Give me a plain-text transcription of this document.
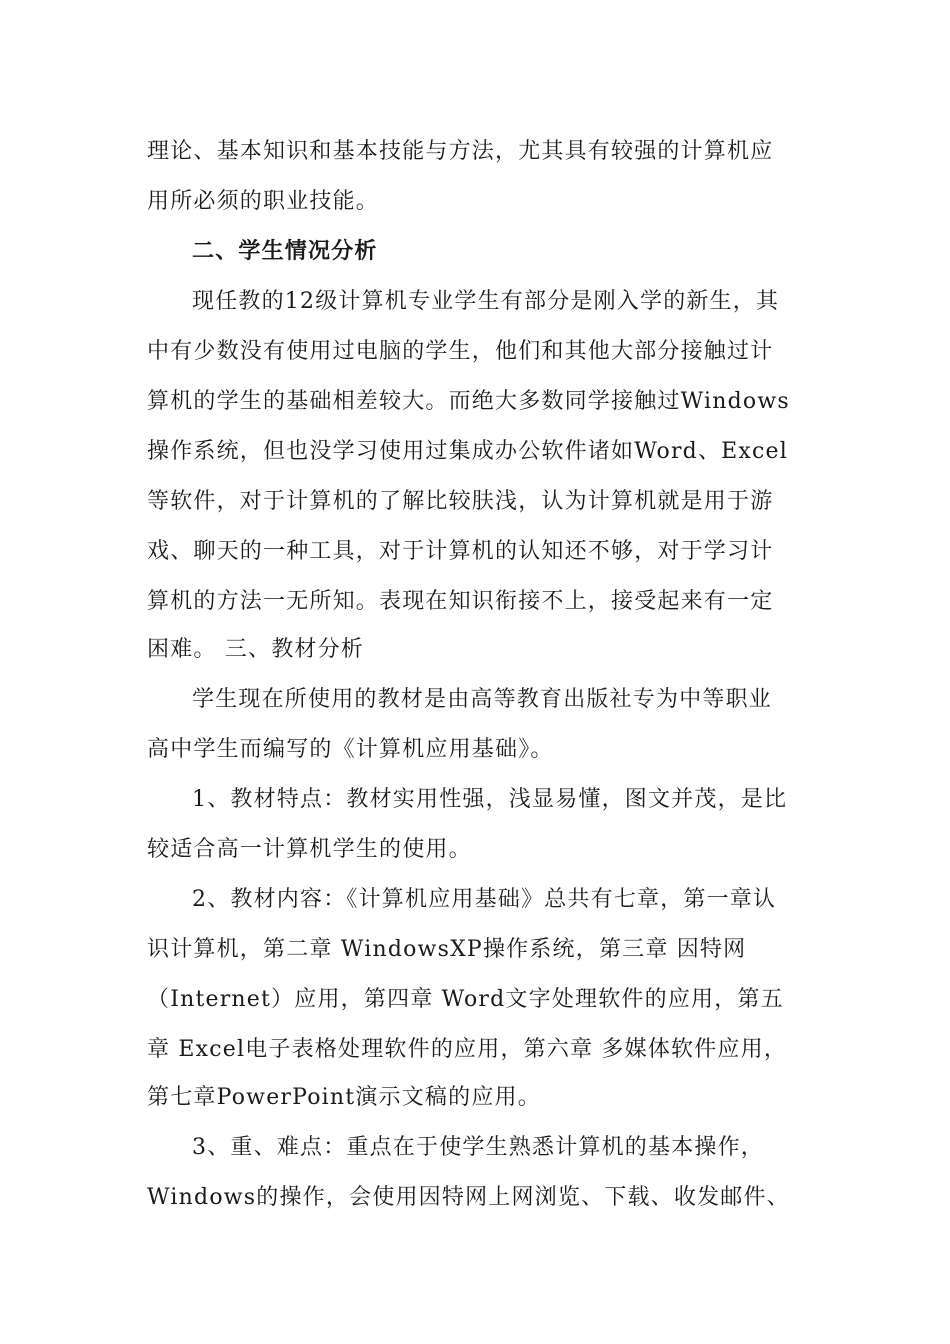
理论、基本知识和基本技能与方法，尤其具有较强的计算机应
用所必须的职业技能。
二、学生情况分析
现任教的12级计算机专业学生有部分是刚入学的新生，其
中有少数没有使用过电脑的学生，他们和其他大部分接触过计
算机的学生的基础相差较大。而绝大多数同学接触过Windows
操作系统，但也没学习使用过集成办公软件诸如Word、Excel
等软件，对于计算机的了解比较肤浅，认为计算机就是用于游
戏、聊天的一种工具，对于计算机的认知还不够，对于学习计
算机的方法一无所知。表现在知识衔接不上，接受起来有一定
困难。 三、教材分析
学生现在所使用的教材是由高等教育出版社专为中等职业
高中学生而编写的《计算机应用基础》。
1、教材特点：教材实用性强，浅显易懂，图文并茂，是比
较适合高一计算机学生的使用。
2、教材内容：《计算机应用基础》总共有七章，第一章认
识计算机，第二章 WindowsXP操作系统，第三章 因特网
（Internet）应用，第四章 Word文字处理软件的应用，第五
章 Excel电子表格处理软件的应用，第六章 多媒体软件应用，
第七章PowerPoint演示文稿的应用。
3、重、难点：重点在于使学生熟悉计算机的基本操作，
Windows的操作，会使用因特网上网浏览、下载、收发邮件、
